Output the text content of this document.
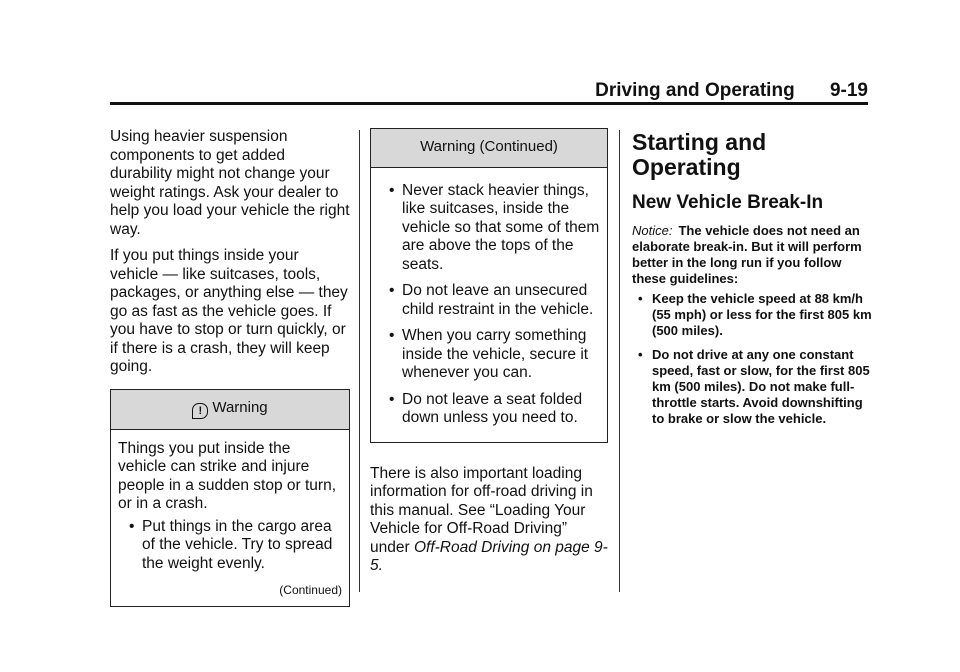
Driving and Operating 9-19

Using heavier suspension components to get added durability might not change your weight ratings. Ask your dealer to help you load your vehicle the right way.

If you put things inside your vehicle — like suitcases, tools, packages, or anything else — they go as fast as the vehicle goes. If you have to stop or turn quickly, or if there is a crash, they will keep going.

! Warning
Things you put inside the vehicle can strike and injure people in a sudden stop or turn, or in a crash.
• Put things in the cargo area of the vehicle. Try to spread the weight evenly.
(Continued)
Warning (Continued)
• Never stack heavier things, like suitcases, inside the vehicle so that some of them are above the tops of the seats.
• Do not leave an unsecured child restraint in the vehicle.
• When you carry something inside the vehicle, secure it whenever you can.
• Do not leave a seat folded down unless you need to.

There is also important loading information for off-road driving in this manual. See “Loading Your Vehicle for Off-Road Driving” under Off-Road Driving on page 9-5.

Starting and Operating
New Vehicle Break-In
Notice: The vehicle does not need an elaborate break-in. But it will perform better in the long run if you follow these guidelines:
• Keep the vehicle speed at 88 km/h (55 mph) or less for the first 805 km (500 miles).
• Do not drive at any one constant speed, fast or slow, for the first 805 km (500 miles). Do not make full-throttle starts. Avoid downshifting to brake or slow the vehicle.
